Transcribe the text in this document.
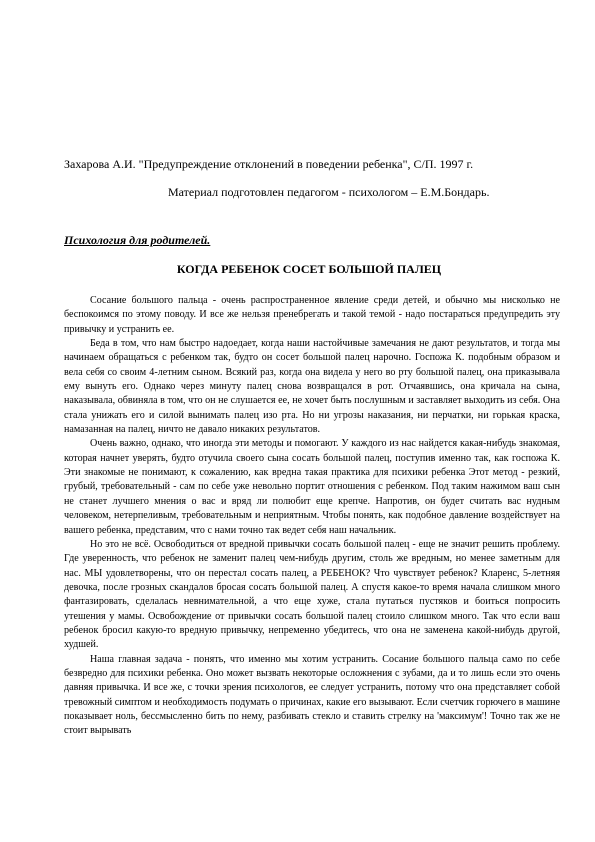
Захарова А.И. "Предупреждение отклонений в поведении ребенка", С/П. 1997 г.
Материал подготовлен педагогом - психологом – Е.М.Бондарь.
Психология для родителей.
КОГДА РЕБЕНОК СОСЕТ БОЛЬШОЙ ПАЛЕЦ

Сосание большого пальца - очень распространенное явление среди детей, и обычно мы нисколько не беспокоимся по этому поводу. И все же нельзя пренебрегать и такой темой - надо постараться предупредить эту привычку и устранить ее.

Беда в том, что нам быстро надоедает, когда наши настойчивые замечания не дают результатов, и тогда мы начинаем обращаться с ребенком так, будто он сосет большой палец нарочно. Госпожа К. подобным образом и вела себя со своим 4-летним сыном. Всякий раз, когда она видела у него во рту большой палец, она приказывала ему вынуть его. Однако через минуту палец снова возвращался в рот. Отчаявшись, она кричала на сына, наказывала, обвиняла в том, что он не слушается ее, не хочет быть послушным и заставляет выходить из себя. Она стала унижать его и силой вынимать палец изо рта. Но ни угрозы наказания, ни перчатки, ни горькая краска, намазанная на палец, ничто не давало никаких результатов.

Очень важно, однако, что иногда эти методы и помогают. У каждого из нас найдется какая-нибудь знакомая, которая начнет уверять, будто отучила своего сына сосать большой палец, поступив именно так, как госпожа К. Эти знакомые не понимают, к сожалению, как вредна такая практика для психики ребенка Этот метод - резкий, грубый, требовательный - сам по себе уже невольно портит отношения с ребенком. Под таким нажимом ваш сын не станет лучшего мнения о вас и вряд ли полюбит еще крепче. Напротив, он будет считать вас нудным человеком, нетерпеливым, требовательным и неприятным. Чтобы понять, как подобное давление воздействует на вашего ребенка, представим, что с нами точно так ведет себя наш начальник.

Но это не всё. Освободиться от вредной привычки сосать большой палец - еще не значит решить проблему. Где уверенность, что ребенок не заменит палец чем-нибудь другим, столь же вредным, но менее заметным для нас. МЫ удовлетворены, что он перестал сосать палец, а РЕБЕНОК? Что чувствует ребенок? Кларенс, 5-летняя девочка, после грозных скандалов бросая сосать большой палец. А спустя какое-то время начала слишком много фантазировать, сделалась невнимательной, а что еще хуже, стала путаться пустяков и боиться попросить утешения у мамы. Освобождение от привычки сосать большой палец стоило слишком много. Так что если ваш ребенок бросил какую-то вредную привычку, непременно убедитесь, что она не заменена какой-нибудь другой, худшей.

Наша главная задача - понять, что именно мы хотим устранить. Сосание большого пальца само по себе безвредно для психики ребенка. Оно может вызвать некоторые осложнения с зубами, да и то лишь если это очень давняя привычка. И все же, с точки зрения психологов, ее следует устранить, потому что она представляет собой тревожный симптом и необходимость подумать о причинах, какие его вызывают. Если счетчик горючего в машине показывает ноль, бессмысленно бить по нему, разбивать стекло и ставить стрелку на 'максимум'! Точно так же не стоит вырывать
